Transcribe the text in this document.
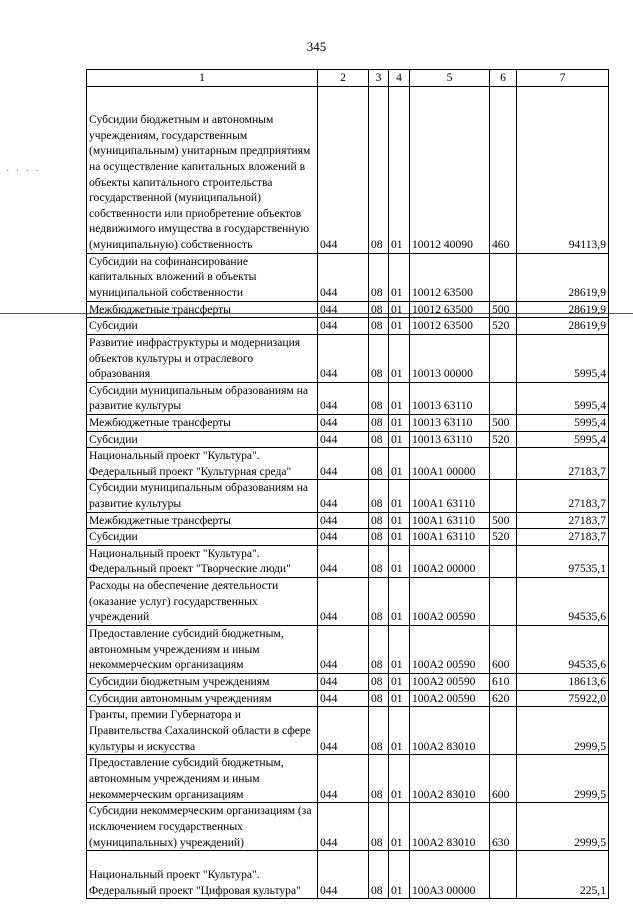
345
· · · ·
1	2	3	4	5	6	7
Субсидии бюджетным и автономным учреждениям, государственным (муниципальным) унитарным предприятиям на осуществление капитальных вложений в объекты капитального строительства государственной (муниципальной) собственности или приобретение объектов недвижимого имущества в государственную (муниципальную) собственность	044	08	01	10012 40090	460	94113,9
Субсидии на софинансирование капитальных вложений в объекты муниципальной собственности	044	08	01	10012 63500		28619,9
Межбюджетные трансферты	044	08	01	10012 63500	500	28619,9
Субсидии	044	08	01	10012 63500	520	28619,9
Развитие инфраструктуры и модернизация объектов культуры и отраслевого образования	044	08	01	10013 00000		5995,4
Субсидии муниципальным образованиям на развитие культуры	044	08	01	10013 63110		5995,4
Межбюджетные трансферты	044	08	01	10013 63110	500	5995,4
Субсидии	044	08	01	10013 63110	520	5995,4
Национальный проект "Культура". Федеральный проект "Культурная среда"	044	08	01	100А1 00000		27183,7
Субсидии муниципальным образованиям на развитие культуры	044	08	01	100А1 63110		27183,7
Межбюджетные трансферты	044	08	01	100А1 63110	500	27183,7
Субсидии	044	08	01	100А1 63110	520	27183,7
Национальный проект "Культура". Федеральный проект "Творческие люди"	044	08	01	100А2 00000		97535,1
Расходы на обеспечение деятельности (оказание услуг) государственных учреждений	044	08	01	100А2 00590		94535,6
Предоставление субсидий бюджетным, автономным учреждениям и иным некоммерческим организациям	044	08	01	100А2 00590	600	94535,6
Субсидии бюджетным учреждениям	044	08	01	100А2 00590	610	18613,6
Субсидии автономным учреждениям	044	08	01	100А2 00590	620	75922,0
Гранты, премии Губернатора и Правительства Сахалинской области в сфере культуры и искусства	044	08	01	100А2 83010		2999,5
Предоставление субсидий бюджетным, автономным учреждениям и иным некоммерческим организациям	044	08	01	100А2 83010	600	2999,5
Субсидии некоммерческим организациям (за исключением государственных (муниципальных) учреждений)	044	08	01	100А2 83010	630	2999,5
Национальный проект "Культура". Федеральный проект "Цифровая культура"	044	08	01	100А3 00000		225,1
